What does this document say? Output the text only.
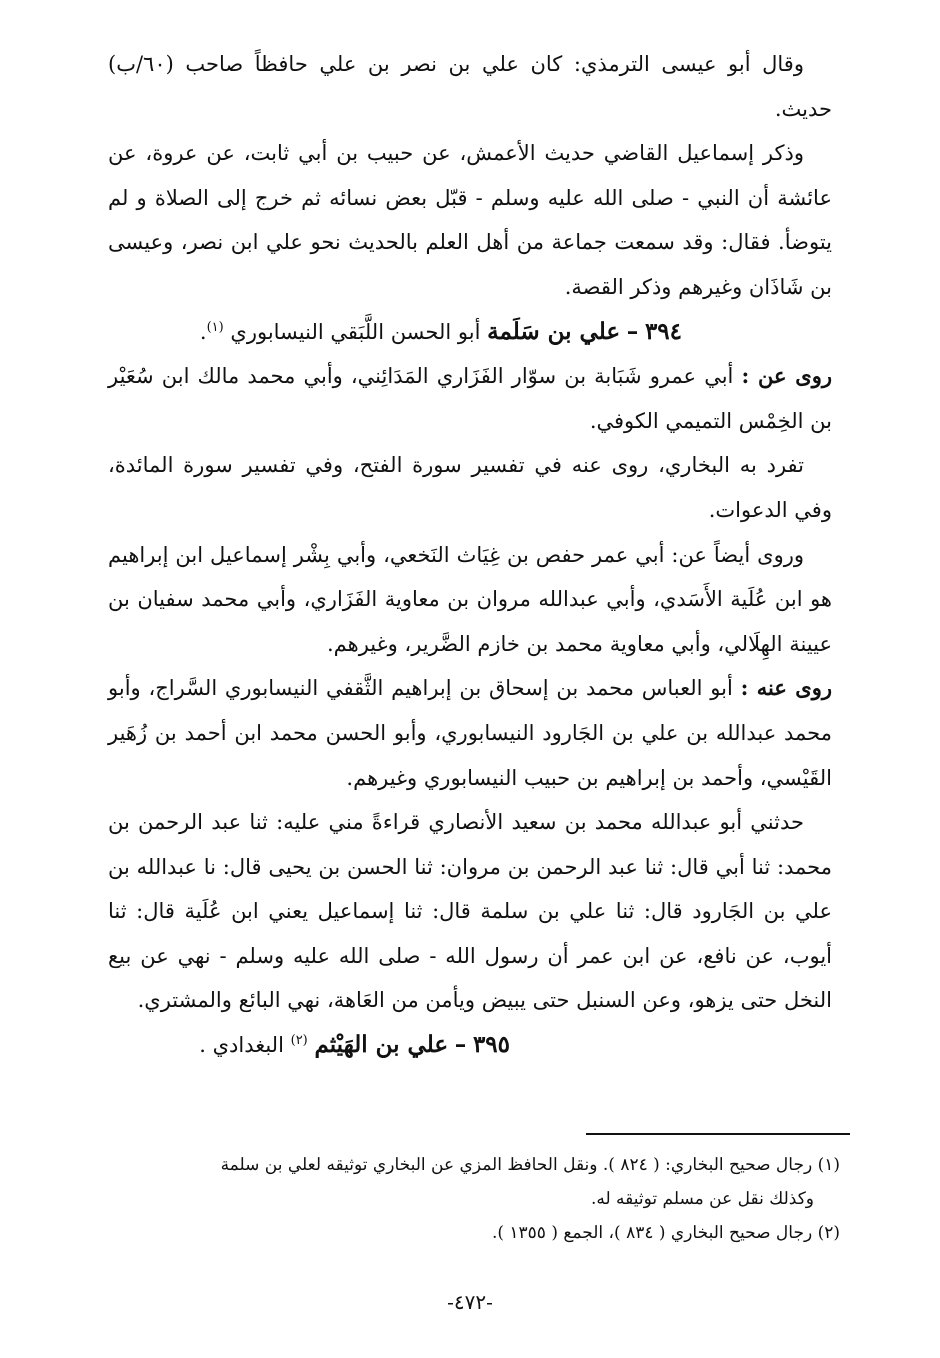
وقال أبو عيسى الترمذي: كان علي بن نصر بن علي حافظاً صاحب (٦٠/ب) حديث.

وذكر إسماعيل القاضي حديث الأعمش، عن حبيب بن أبي ثابت، عن عروة، عن عائشة أن النبي - صلى الله عليه وسلم - قبّل بعض نسائه ثم خرج إلى الصلاة و لم يتوضأ. فقال: وقد سمعت جماعة من أهل العلم بالحديث نحو علي ابن نصر، وعيسى بن شَاذَان وغيرهم وذكر القصة.

٣٩٤ – علي بن سَلَمة أبو الحسن اللَّبَقي النيسابوري $^{(١)}$.

روى عن : أبي عمرو شَبَابة بن سوّار الفَزَاري المَدَائِني، وأبي محمد مالك ابن سُعَيْر بن الخِمْس التميمي الكوفي.

تفرد به البخاري، روى عنه في تفسير سورة الفتح، وفي تفسير سورة المائدة، وفي الدعوات.

وروى أيضاً عن: أبي عمر حفص بن غِيَاث النَخعي، وأبي بِشْر إسماعيل ابن إبراهيم هو ابن عُلَية الأَسَدي، وأبي عبدالله مروان بن معاوية الفَزَاري، وأبي محمد سفيان بن عيينة الهِلَالي، وأبي معاوية محمد بن خازم الضَّرير، وغيرهم.

روى عنه : أبو العباس محمد بن إسحاق بن إبراهيم الثَّقفي النيسابوري السَّراج، وأبو محمد عبدالله بن علي بن الجَارود النيسابوري، وأبو الحسن محمد ابن أحمد بن زُهَير القَيْسي، وأحمد بن إبراهيم بن حبيب النيسابوري وغيرهم.

حدثني أبو عبدالله محمد بن سعيد الأنصاري قراءةً مني عليه: ثنا عبد الرحمن بن محمد: ثنا أبي قال: ثنا عبد الرحمن بن مروان: ثنا الحسن بن يحيى قال: نا عبدالله بن علي بن الجَارود قال: ثنا علي بن سلمة قال: ثنا إسماعيل يعني ابن عُلَية قال: ثنا أيوب، عن نافع، عن ابن عمر أن رسول الله - صلى الله عليه وسلم - نهي عن بيع النخل حتى يزهو، وعن السنبل حتى يبيض ويأمن من العَاهة، نهي البائع والمشتري.

٣٩٥ – علي بن الهَيْثم $^{(٢)}$ البغدادي .

(١) رجال صحيح البخاري: ( ٨٢٤ ). ونقل الحافظ المزي عن البخاري توثيقه لعلي بن سلمة

وكذلك نقل عن مسلم توثيقه له.

(٢) رجال صحيح البخاري ( ٨٣٤ )، الجمع ( ١٣٥٥ ).

-٤٧٢-
